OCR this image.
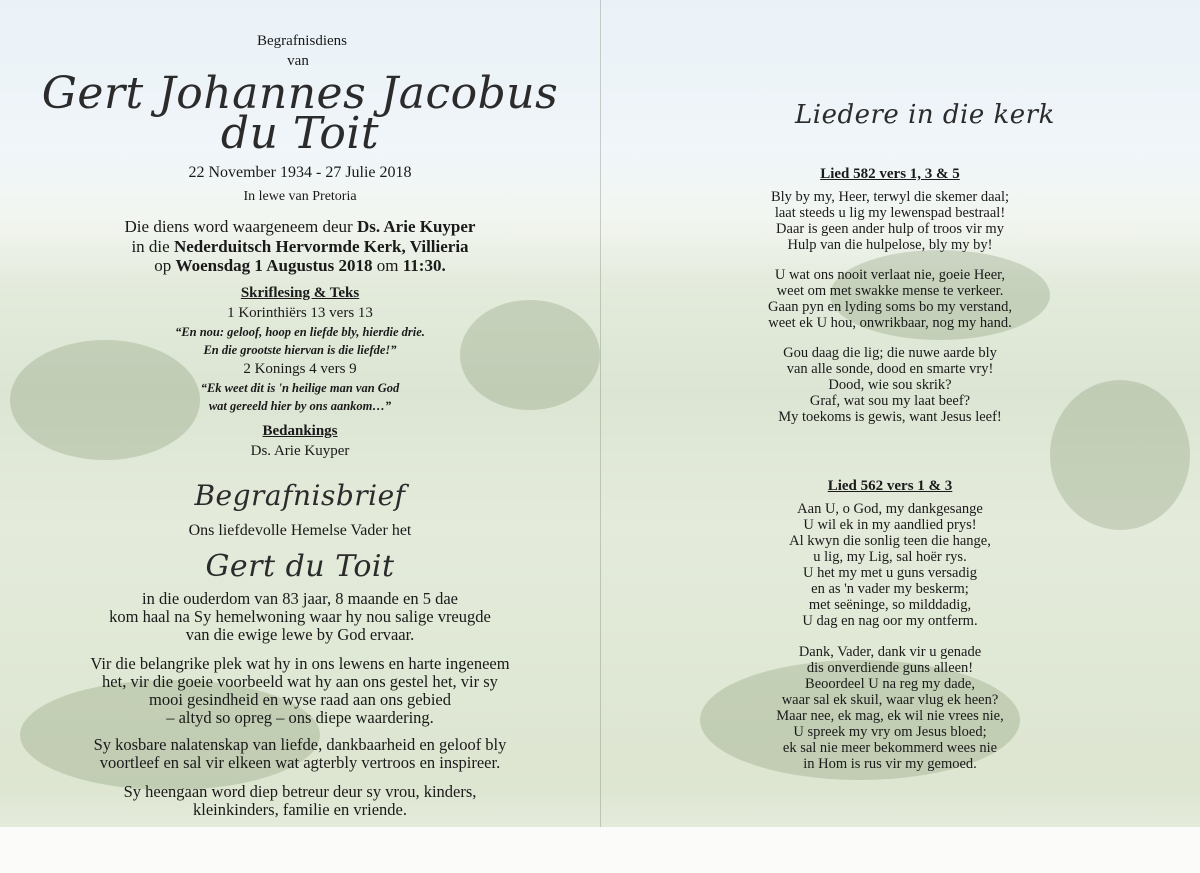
Begrafnisdiens
van
Gert Johannes Jacobus
du Toit
22 November 1934 - 27 Julie 2018
In lewe van Pretoria
Die diens word waargeneem deur Ds. Arie Kuyper
in die Nederduitsch Hervormde Kerk, Villieria
op Woensdag 1 Augustus 2018 om 11:30.
Skriflesing & Teks
1 Korinthiërs 13 vers 13
“En nou: geloof, hoop en liefde bly, hierdie drie.
En die grootste hiervan is die liefde!”
2 Konings 4 vers 9
“Ek weet dit is 'n heilige man van God
wat gereeld hier by ons aankom…”
Bedankings
Ds. Arie Kuyper
Begrafnisbrief
Ons liefdevolle Hemelse Vader het
Gert du Toit
in die ouderdom van 83 jaar, 8 maande en 5 dae
kom haal na Sy hemelwoning waar hy nou salige vreugde
van die ewige lewe by God ervaar.
Vir die belangrike plek wat hy in ons lewens en harte ingeneem
het, vir die goeie voorbeeld wat hy aan ons gestel het, vir sy
mooi gesindheid en wyse raad aan ons gebied
– altyd so opreg – ons diepe waardering.
Sy kosbare nalatenskap van liefde, dankbaarheid en geloof bly
voortleef en sal vir elkeen wat agterbly vertroos en inspireer.
Sy heengaan word diep betreur deur sy vrou, kinders,
kleinkinders, familie en vriende.
Liedere in die kerk
Lied 582 vers 1, 3 & 5
Bly by my, Heer, terwyl die skemer daal;
laat steeds u lig my lewenspad bestraal!
Daar is geen ander hulp of troos vir my
Hulp van die hulpelose, bly my by!
U wat ons nooit verlaat nie, goeie Heer,
weet om met swakke mense te verkeer.
Gaan pyn en lyding soms bo my verstand,
weet ek U hou, onwrikbaar, nog my hand.
Gou daag die lig; die nuwe aarde bly
van alle sonde, dood en smarte vry!
Dood, wie sou skrik?
Graf, wat sou my laat beef?
My toekoms is gewis, want Jesus leef!
Lied 562 vers 1 & 3
Aan U, o God, my dankgesange
U wil ek in my aandlied prys!
Al kwyn die sonlig teen die hange,
u lig, my Lig, sal hoër rys.
U het my met u guns versadig
en as 'n vader my beskerm;
met seëninge, so milddadig,
U dag en nag oor my ontferm.
Dank, Vader, dank vir u genade
dis onverdiende guns alleen!
Beoordeel U na reg my dade,
waar sal ek skuil, waar vlug ek heen?
Maar nee, ek mag, ek wil nie vrees nie,
U spreek my vry om Jesus bloed;
ek sal nie meer bekommerd wees nie
in Hom is rus vir my gemoed.
